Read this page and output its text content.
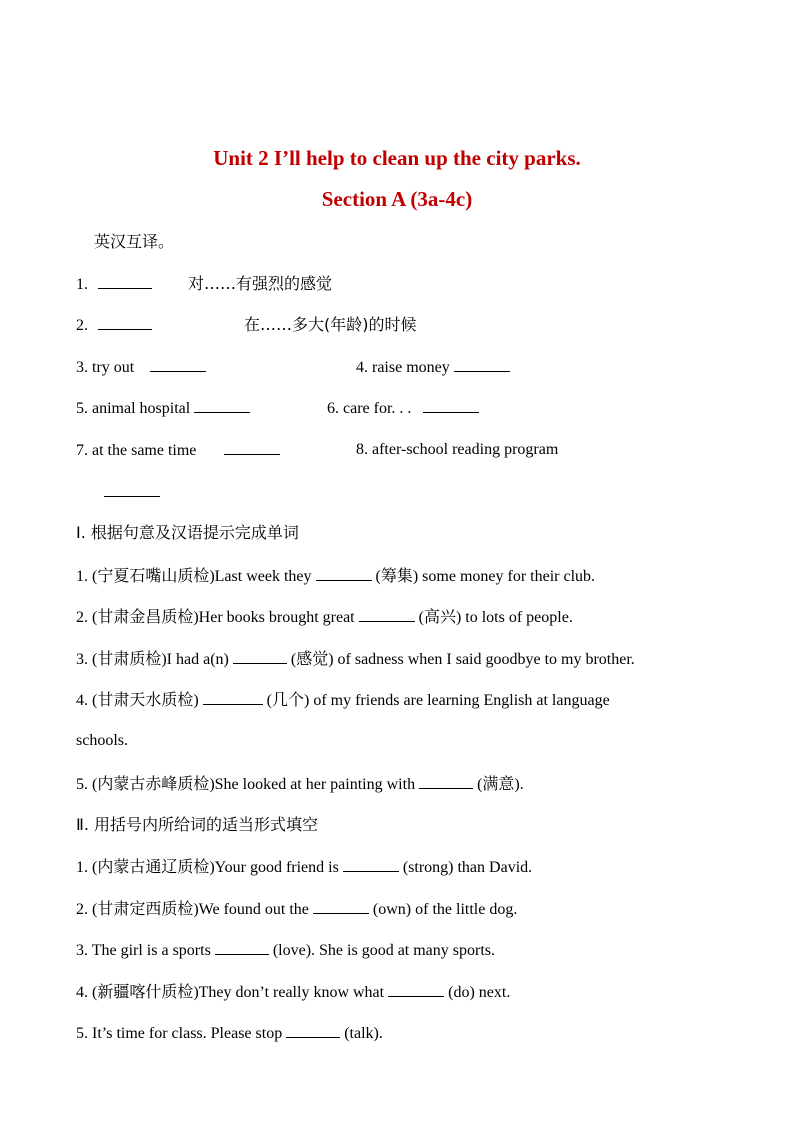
Unit 2 I’ll help to clean up the city parks.
Section A (3a-4c)
英汉互译。
1.	对……有强烈的感觉
2.	在……多大(年龄)的时候
3. try out	4. raise money
5. animal hospital	6. care for. . .
7. at the same time	8. after-school reading program
Ⅰ. 根据句意及汉语提示完成单词
1. (宁夏石嘴山质检)Last week they	(筹集) some money for their club.
2. (甘肃金昌质检)Her books brought great	(高兴) to lots of people.
3. (甘肃质检)I had a(n)	(感觉) of sadness when I said goodbye to my brother.
4. (甘肃天水质检)	(几个) of my friends are learning English at language
schools.
5. (内蒙古赤峰质检)She looked at her painting with	(满意).
Ⅱ. 用括号内所给词的适当形式填空
1. (内蒙古通辽质检)Your good friend is	(strong) than David.
2. (甘肃定西质检)We found out the	(own) of the little dog.
3. The girl is a sports	(love). She is good at many sports.
4. (新疆喀什质检)They don’t really know what	(do) next.
5. It’s time for class. Please stop	(talk).
